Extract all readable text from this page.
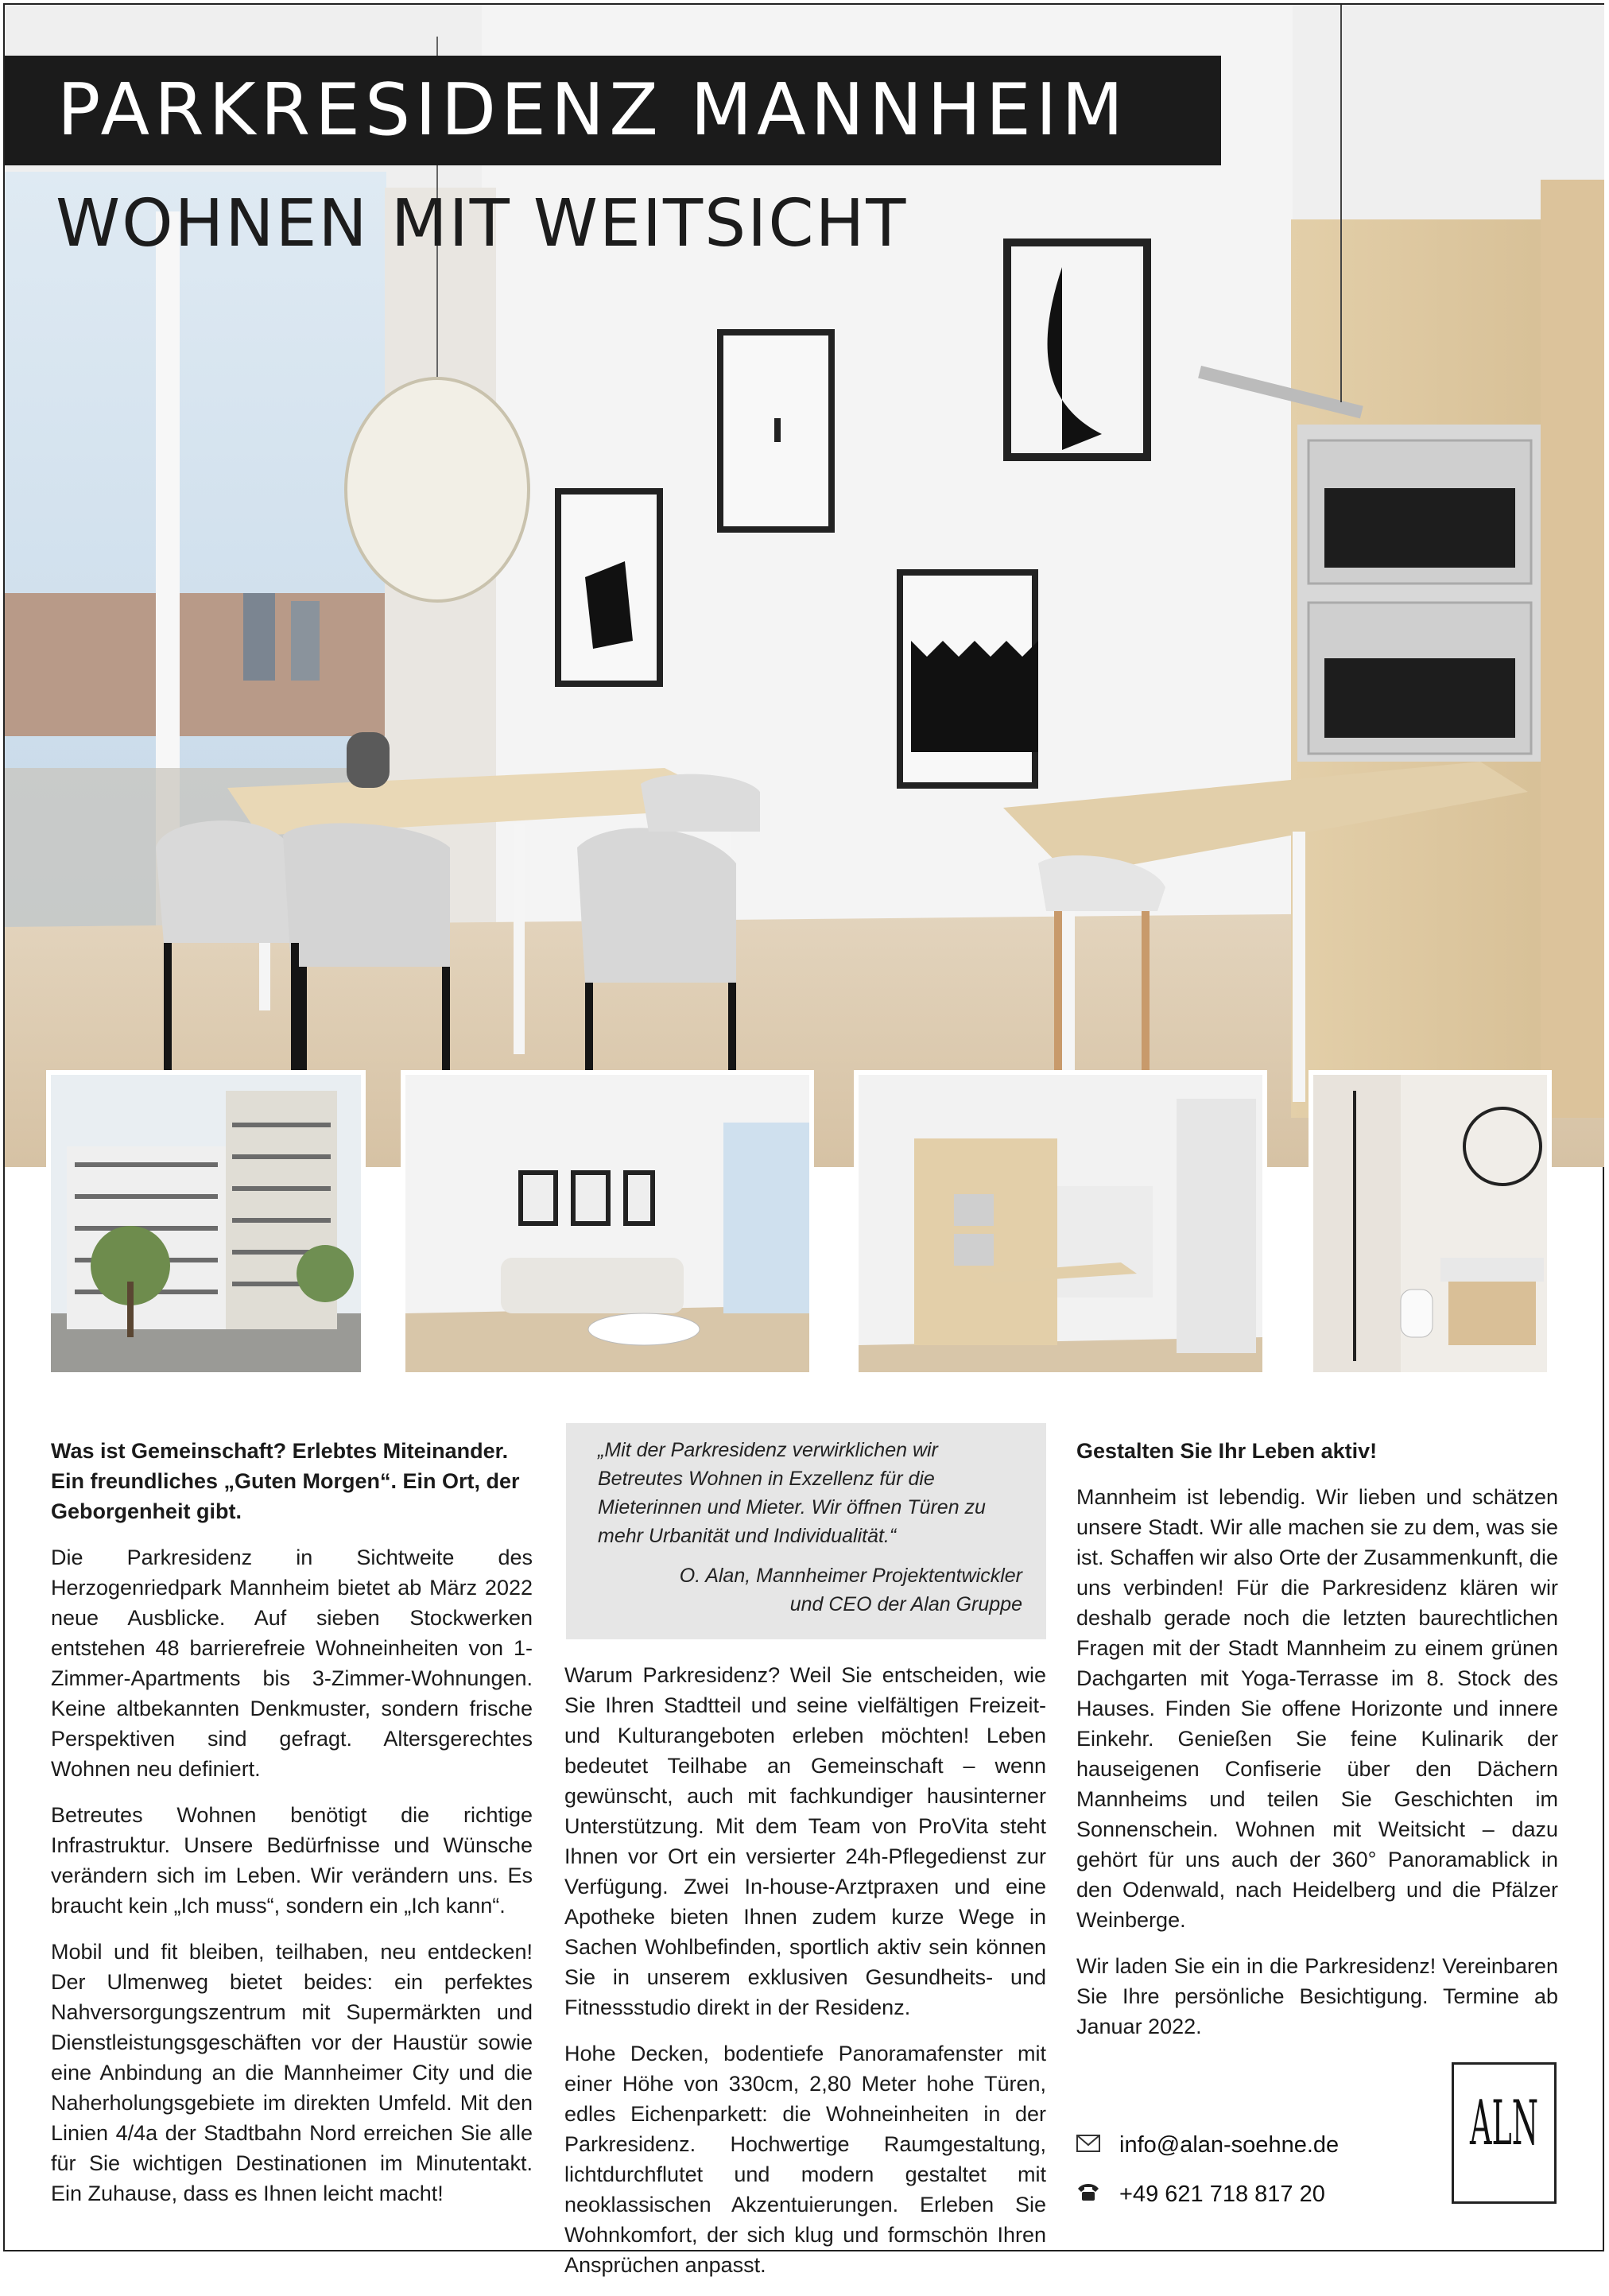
PARKRESIDENZ MANNHEIM
WOHNEN MIT WEITSICHT

Was ist Gemeinschaft? Erlebtes Miteinander. Ein freundliches „Guten Morgen“. Ein Ort, der Geborgenheit gibt.

Die Parkresidenz in Sichtweite des Herzogenriedpark Mannheim bietet ab März 2022 neue Ausblicke. Auf sieben Stockwerken entstehen 48 barrierefreie Wohneinheiten von 1-Zimmer-Apartments bis 3-Zimmer-Wohnungen. Keine altbekannten Denkmuster, sondern frische Perspektiven sind gefragt. Altersgerechtes Wohnen neu definiert.

Betreutes Wohnen benötigt die richtige Infrastruktur. Unsere Bedürfnisse und Wünsche verändern sich im Leben. Wir verändern uns. Es braucht kein „Ich muss“, sondern ein „Ich kann“.

Mobil und fit bleiben, teilhaben, neu entdecken! Der Ulmenweg bietet beides: ein perfektes Nahversorgungszentrum mit Supermärkten und Dienstleistungsgeschäften vor der Haustür sowie eine Anbindung an die Mannheimer City und die Naherholungsgebiete im direkten Umfeld. Mit den Linien 4/4a der Stadtbahn Nord erreichen Sie alle für Sie wichtigen Destinationen im Minutentakt. Ein Zuhause, dass es Ihnen leicht macht!

„Mit der Parkresidenz verwirklichen wir Betreutes Wohnen in Exzellenz für die Mieterinnen und Mieter. Wir öffnen Türen zu mehr Urbanität und Individualität.“
O. Alan, Mannheimer Projektentwickler
und CEO der Alan Gruppe

Warum Parkresidenz? Weil Sie entscheiden, wie Sie Ihren Stadtteil und seine vielfältigen Freizeit- und Kulturangeboten erleben möchten! Leben bedeutet Teilhabe an Gemeinschaft – wenn gewünscht, auch mit fachkundiger hausinterner Unterstützung. Mit dem Team von ProVita steht Ihnen vor Ort ein versierter 24h-Pflegedienst zur Verfügung. Zwei In-house-Arztpraxen und eine Apotheke bieten Ihnen zudem kurze Wege in Sachen Wohlbefinden, sportlich aktiv sein können Sie in unserem exklusiven Gesundheits- und Fitnessstudio direkt in der Residenz.

Hohe Decken, bodentiefe Panoramafenster mit einer Höhe von 330cm, 2,80 Meter hohe Türen, edles Eichenparkett: die Wohneinheiten in der Parkresidenz. Hochwertige Raumgestaltung, lichtdurchflutet und modern gestaltet mit neoklassischen Akzentuierungen. Erleben Sie Wohnkomfort, der sich klug und formschön Ihren Ansprüchen anpasst.

Gestalten Sie Ihr Leben aktiv!

Mannheim ist lebendig. Wir lieben und schätzen unsere Stadt. Wir alle machen sie zu dem, was sie ist. Schaffen wir also Orte der Zusammenkunft, die uns verbinden! Für die Parkresidenz klären wir deshalb gerade noch die letzten baurechtlichen Fragen mit der Stadt Mannheim zu einem grünen Dachgarten mit Yoga-Terrasse im 8. Stock des Hauses. Finden Sie offene Horizonte und innere Einkehr. Genießen Sie feine Kulinarik der hauseigenen Confiserie über den Dächern Mannheims und teilen Sie Geschichten im Sonnenschein. Wohnen mit Weitsicht – dazu gehört für uns auch der 360° Panoramablick in den Odenwald, nach Heidelberg und die Pfälzer Weinberge.

Wir laden Sie ein in die Parkresidenz! Vereinbaren Sie Ihre persönliche Besichtigung. Termine ab Januar 2022.

info@alan-soehne.de
+49 621 718 817 20
ALN
